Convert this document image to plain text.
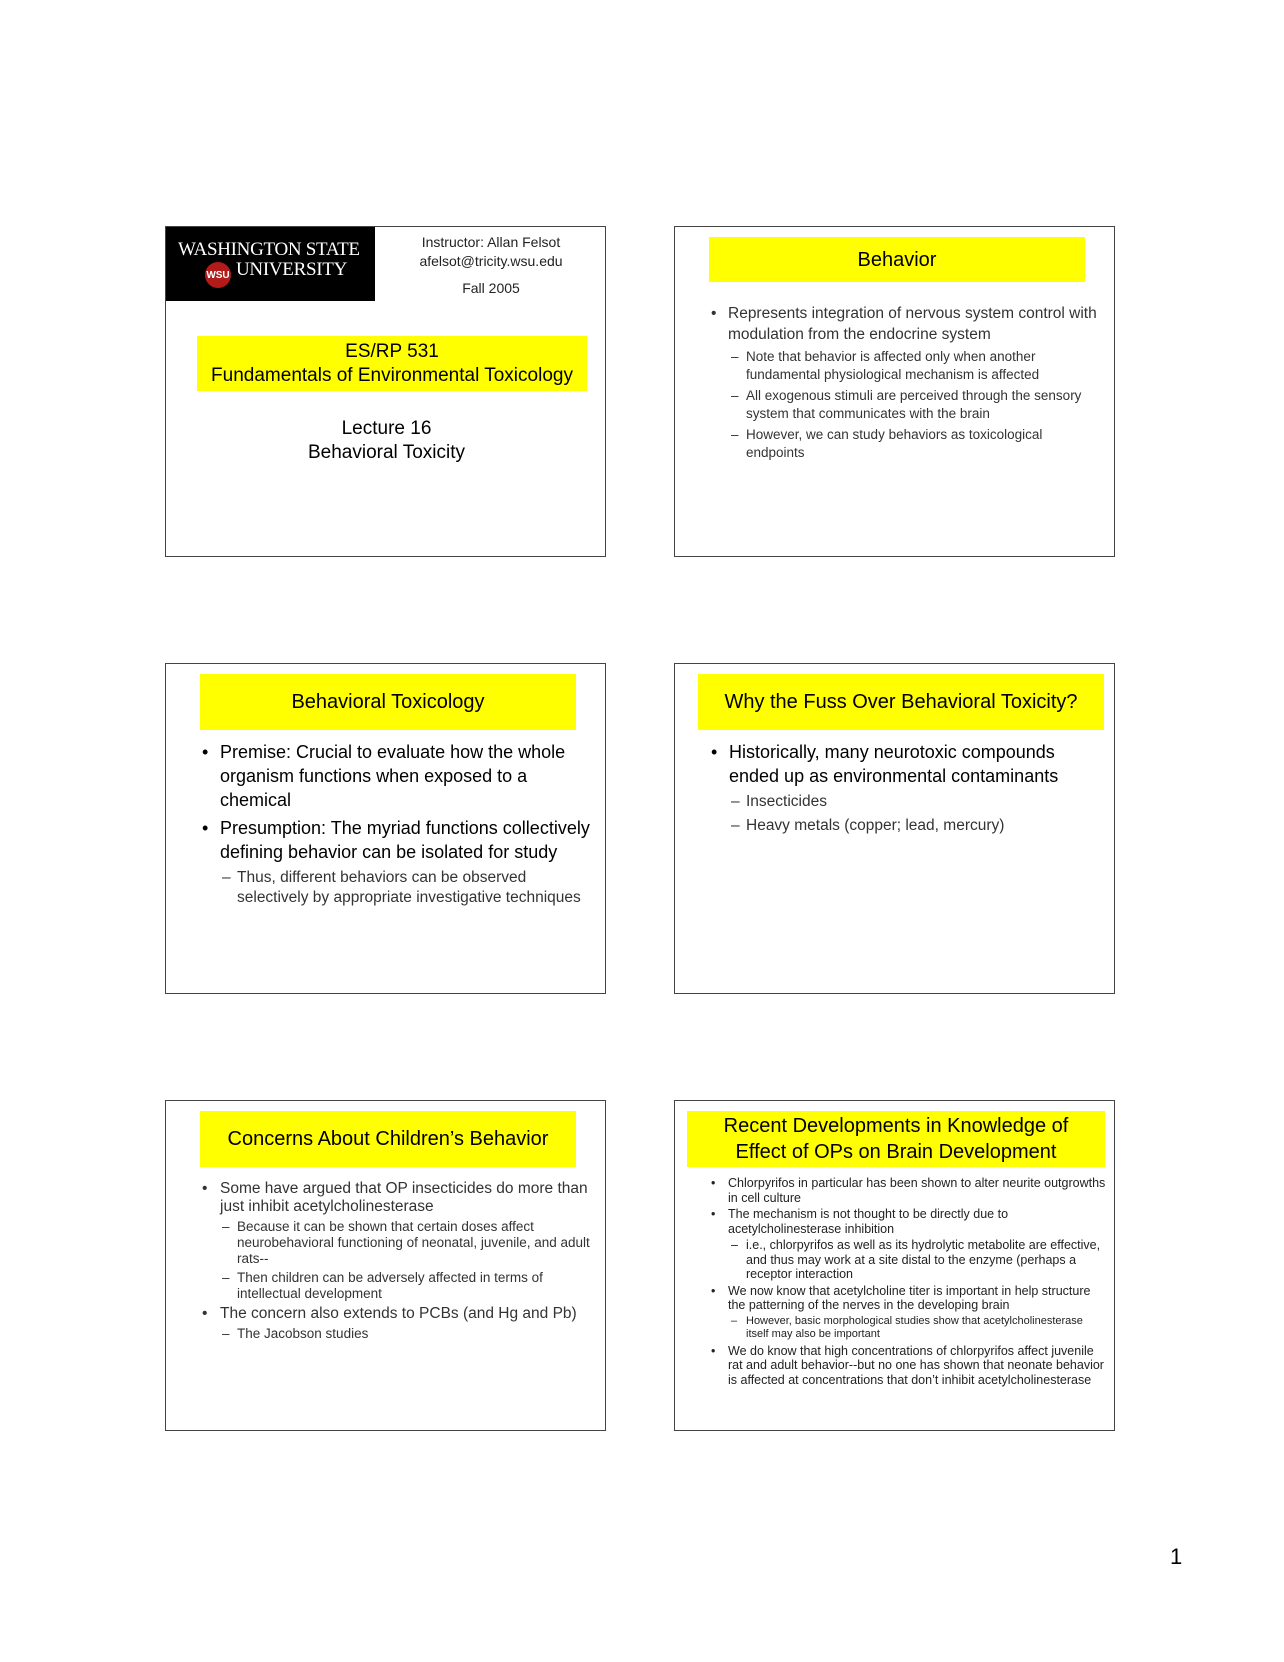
WASHINGTON STATE
WSU UNIVERSITY
Instructor: Allan Felsot
afelsot@tricity.wsu.edu
Fall 2005
ES/RP 531
Fundamentals of Environmental Toxicology
Lecture 16
Behavioral Toxicity
Behavior
• Represents integration of nervous system control with modulation from the endocrine system
– Note that behavior is affected only when another fundamental physiological mechanism is affected
– All exogenous stimuli are perceived through the sensory system that communicates with the brain
– However, we can study behaviors as toxicological endpoints
Behavioral Toxicology
• Premise: Crucial to evaluate how the whole organism functions when exposed to a chemical
• Presumption: The myriad functions collectively defining behavior can be isolated for study
– Thus, different behaviors can be observed selectively by appropriate investigative techniques
Why the Fuss Over Behavioral Toxicity?
• Historically, many neurotoxic compounds ended up as environmental contaminants
– Insecticides
– Heavy metals (copper; lead, mercury)
Concerns About Children’s Behavior
• Some have argued that OP insecticides do more than just inhibit acetylcholinesterase
– Because it can be shown that certain doses affect neurobehavioral functioning of neonatal, juvenile, and adult rats--
– Then children can be adversely affected in terms of intellectual development
• The concern also extends to PCBs (and Hg and Pb)
– The Jacobson studies
Recent Developments in Knowledge of
Effect of OPs on Brain Development
• Chlorpyrifos in particular has been shown to alter neurite outgrowths in cell culture
• The mechanism is not thought to be directly due to acetylcholinesterase inhibition
– i.e., chlorpyrifos as well as its hydrolytic metabolite are effective, and thus may work at a site distal to the enzyme (perhaps a receptor interaction
• We now know that acetylcholine titer is important in help structure the patterning of the nerves in the developing brain
– However, basic morphological studies show that acetylcholinesterase itself may also be important
• We do know that high concentrations of chlorpyrifos affect juvenile rat and adult behavior--but no one has shown that neonate behavior is affected at concentrations that don’t inhibit acetylcholinesterase
1
